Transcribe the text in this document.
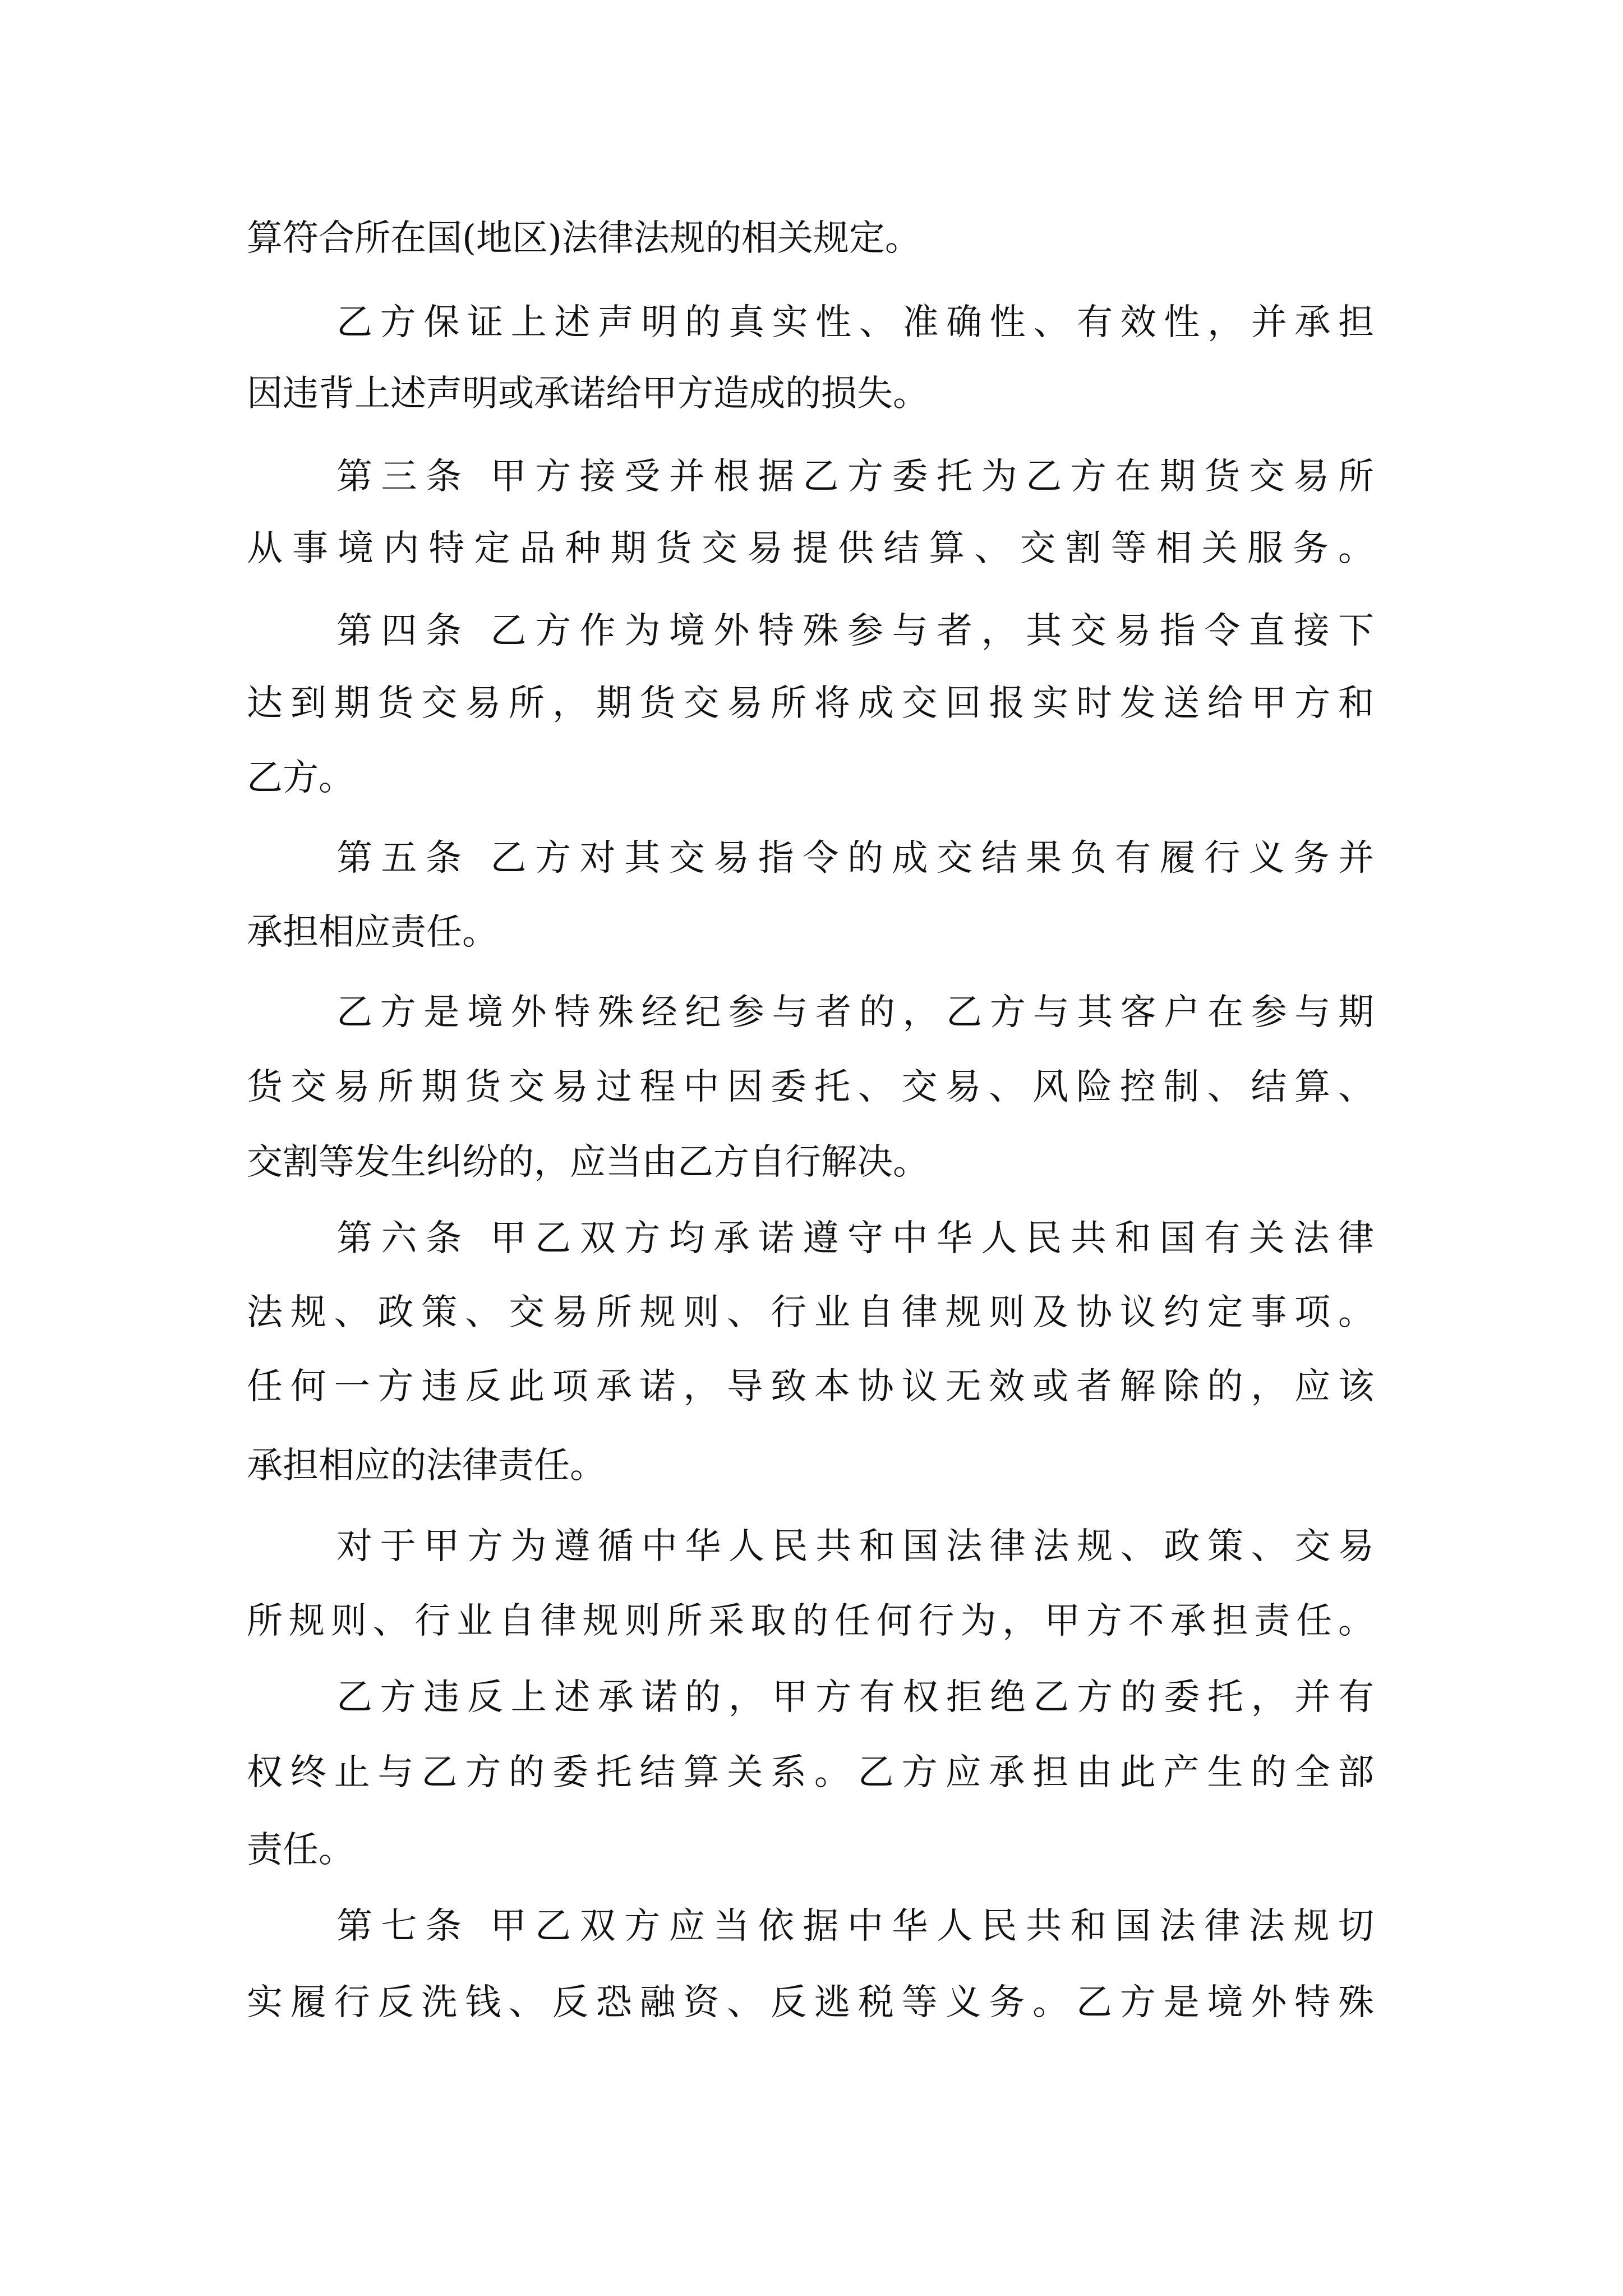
算符合所在国(地区)法律法规的相关规定。
乙方保证上述声明的真实性、准确性、有效性，并承担
因违背上述声明或承诺给甲方造成的损失。
第三条 甲方接受并根据乙方委托为乙方在期货交易所
从事境内特定品种期货交易提供结算、交割等相关服务。
第四条 乙方作为境外特殊参与者，其交易指令直接下
达到期货交易所，期货交易所将成交回报实时发送给甲方和
乙方。
第五条 乙方对其交易指令的成交结果负有履行义务并
承担相应责任。
乙方是境外特殊经纪参与者的，乙方与其客户在参与期
货交易所期货交易过程中因委托、交易、风险控制、结算、
交割等发生纠纷的，应当由乙方自行解决。
第六条 甲乙双方均承诺遵守中华人民共和国有关法律
法规、政策、交易所规则、行业自律规则及协议约定事项。
任何一方违反此项承诺，导致本协议无效或者解除的，应该
承担相应的法律责任。
对于甲方为遵循中华人民共和国法律法规、政策、交易
所规则、行业自律规则所采取的任何行为，甲方不承担责任。
乙方违反上述承诺的，甲方有权拒绝乙方的委托，并有
权终止与乙方的委托结算关系。乙方应承担由此产生的全部
责任。
第七条 甲乙双方应当依据中华人民共和国法律法规切
实履行反洗钱、反恐融资、反逃税等义务。乙方是境外特殊
